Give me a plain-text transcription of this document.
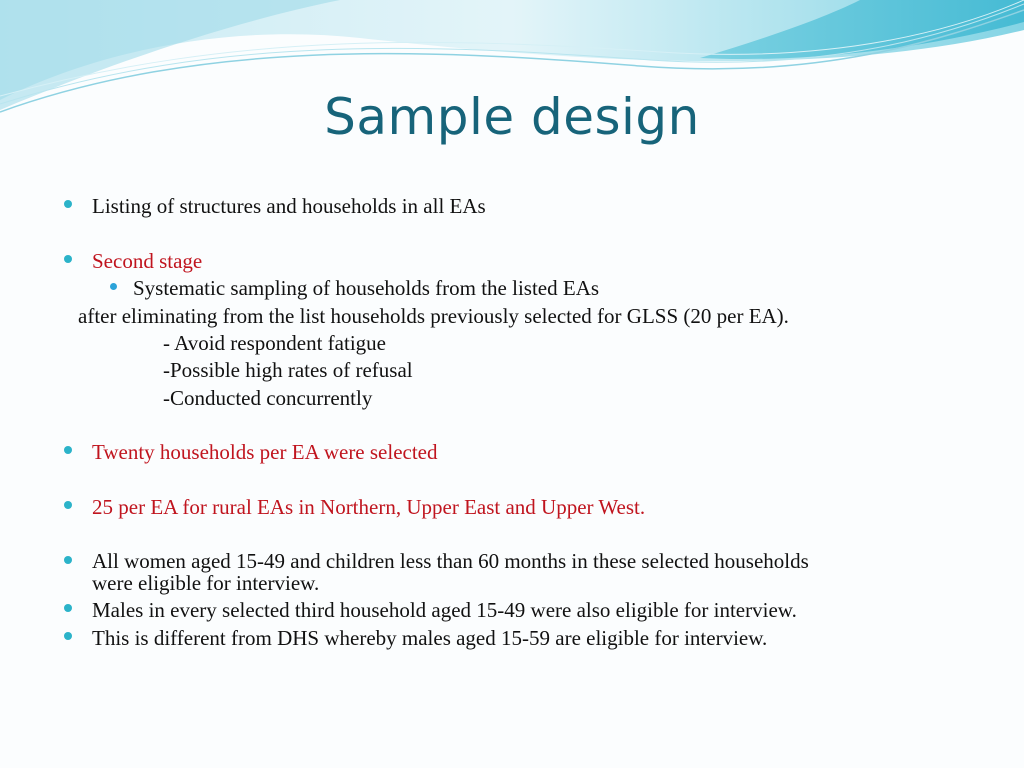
Sample design
Listing of structures and households in all EAs
Second stage
Systematic sampling of households from the listed EAs
after eliminating from the list households previously selected for GLSS (20 per EA).
- Avoid respondent fatigue
-Possible high rates of refusal
-Conducted concurrently
Twenty households per EA were selected
25 per EA for rural EAs in Northern, Upper East and Upper West.
All women aged 15-49 and children less than 60 months in these selected households
were eligible for interview.
Males in every selected third household aged 15-49 were also eligible for interview.
This is different from DHS whereby males aged 15-59 are eligible for interview.
